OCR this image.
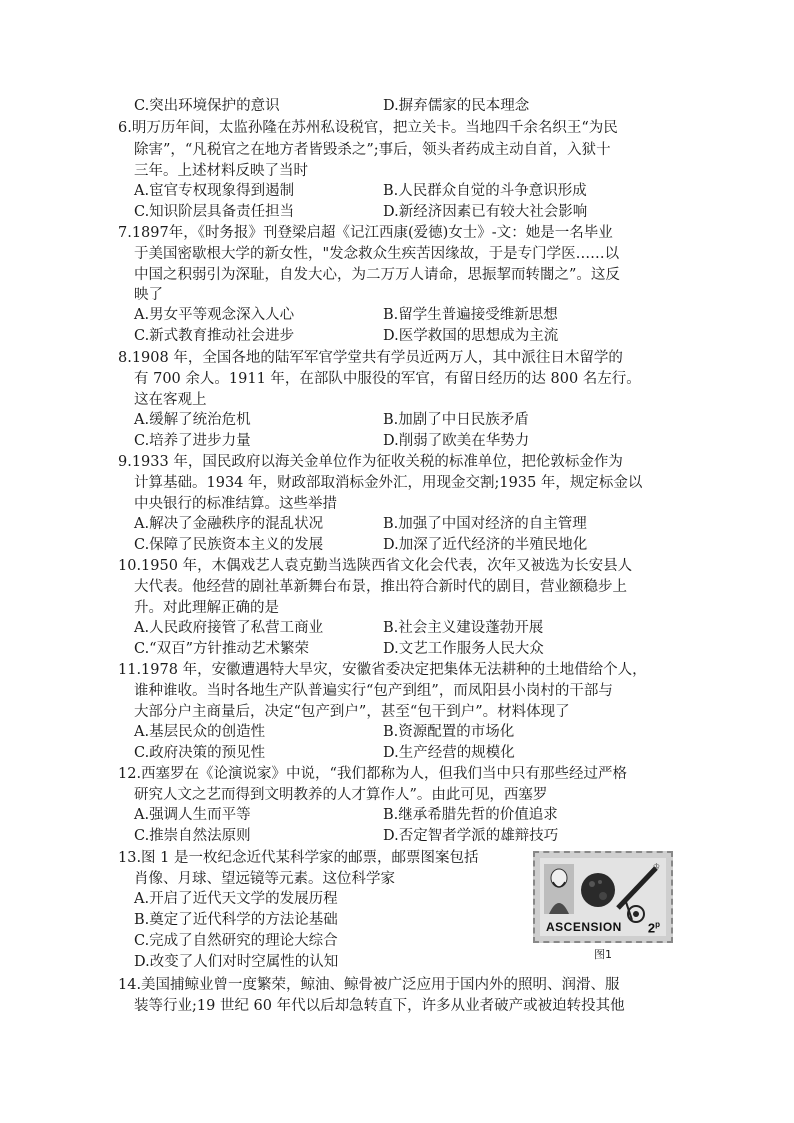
C.突出环境保护的意识	D.摒弃儒家的民本理念
6.明万历年间，太监孙隆在苏州私设税官，把立关卡。当地四千余名织王“为民
除害”，“凡税官之在地方者皆毁杀之”;事后，领头者药成主动自首，入狱十
三年。上述材料反映了当时
A.宦官专权现象得到遏制	B.人民群众自觉的斗争意识形成
C.知识阶层具备责任担当	D.新经济因素已有较大社会影响
7.1897年，《时务报》刊登梁启超《记江西康(爱德)女士》-文：她是一名毕业
于美国密歇根大学的新女性，"发念救众生疾苦因缘故，于是专门学医……以
中国之积弱引为深耻，自发大心，为二万万人请命，思振挈而转闇之”。这反
映了
A.男女平等观念深入人心	B.留学生普遍接受维新思想
C.新式教育推动社会进步	D.医学救国的思想成为主流
8.1908 年，全国各地的陆军军官学堂共有学员近两万人，其中派往日木留学的
有 700 余人。1911 年，在部队中服役的军官，有留日经历的达 800 名左行。
这在客观上
A.缓解了统治危机	B.加剧了中日民族矛盾
C.培养了进步力量	D.削弱了欧美在华势力
9.1933 年，国民政府以海关金单位作为征收关税的标准单位，把伦敦标金作为
计算基础。1934 年，财政部取消标金外汇，用现金交割;1935 年，规定标金以
中央银行的标准结算。这些举措
A.解决了金融秩序的混乱状况	B.加强了中国对经济的自主管理
C.保障了民族资本主义的发展	D.加深了近代经济的半殖民地化
10.1950 年，木偶戏艺人袁克勤当选陕西省文化会代表，次年又被选为长安县人
大代表。他经营的剧社革新舞台布景，推出符合新时代的剧目，营业额稳步上
升。对此理解正确的是
A.人民政府接管了私营工商业	B.社会主义建设蓬勃开展
C.“双百”方针推动艺术繁荣	D.文艺工作服务人民大众
11.1978 年，安徽遭遇特大旱灾，安徽省委决定把集体无法耕种的土地借给个人，
谁种谁收。当时各地生产队普遍实行“包产到组”，而凤阳县小岗村的干部与
大部分户主商量后，决定“包产到户”，甚至“包干到户”。材料体现了
A.基层民众的创造性	B.资源配置的市场化
C.政府决策的预见性	D.生产经营的规模化
12.西塞罗在《论演说家》中说，“我们都称为人，但我们当中只有那些经过严格
研究人文之艺而得到文明教养的人才算作人”。由此可见，西塞罗
A.强调人生而平等	B.继承希腊先哲的价值追求
C.推崇自然法原则	D.否定智者学派的雄辩技巧
13.图 1 是一枚纪念近代某科学家的邮票，邮票图案包括
肖像、月球、望远镜等元素。这位科学家
A.开启了近代天文学的发展历程
B.奠定了近代科学的方法论基础
C.完成了自然研究的理论大综合
D.改变了人们对时空属性的认知
♔
ASCENSION 2$^p$
图1
14.美国捕鲸业曾一度繁荣，鲸油、鲸骨被广泛应用于国内外的照明、润滑、服
装等行业;19 世纪 60 年代以后却急转直下，许多从业者破产或被迫转投其他
